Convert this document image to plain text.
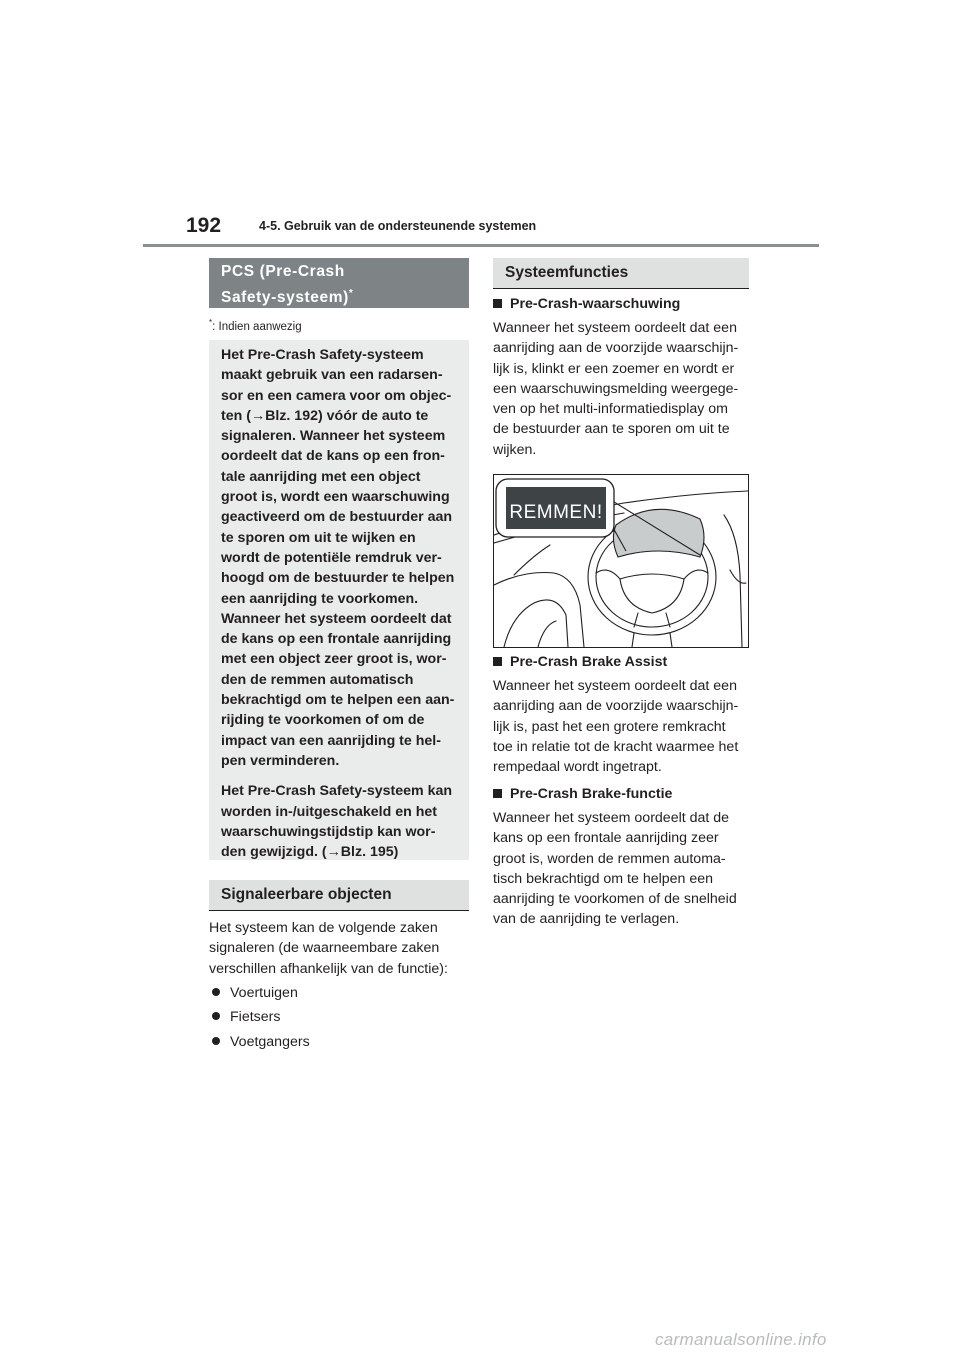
192	4-5. Gebruik van de ondersteunende systemen
PCS (Pre-Crash
Safety-systeem)*
*: Indien aanwezig

Het Pre-Crash Safety-systeem
maakt gebruik van een radarsen-
sor en een camera voor om objec-
ten (→Blz. 192) vóór de auto te
signaleren. Wanneer het systeem
oordeelt dat de kans op een fron-
tale aanrijding met een object
groot is, wordt een waarschuwing
geactiveerd om de bestuurder aan
te sporen om uit te wijken en
wordt de potentiële remdruk ver-
hoogd om de bestuurder te helpen
een aanrijding te voorkomen.
Wanneer het systeem oordeelt dat
de kans op een frontale aanrijding
met een object zeer groot is, wor-
den de remmen automatisch
bekrachtigd om te helpen een aan-
rijding te voorkomen of om de
impact van een aanrijding te hel-
pen verminderen.

Het Pre-Crash Safety-systeem kan
worden in-/uitgeschakeld en het
waarschuwingstijdstip kan wor-
den gewijzigd. (→Blz. 195)

Signaleerbare objecten
Het systeem kan de volgende zaken
signaleren (de waarneembare zaken
verschillen afhankelijk van de functie):
Voertuigen
Fietsers
Voetgangers
Systeemfuncties
Pre-Crash-waarschuwing
Wanneer het systeem oordeelt dat een
aanrijding aan de voorzijde waarschijn-
lijk is, klinkt er een zoemer en wordt er
een waarschuwingsmelding weergege-
ven op het multi-informatiedisplay om
de bestuurder aan te sporen om uit te
wijken.
REMMEN!
Pre-Crash Brake Assist
Wanneer het systeem oordeelt dat een
aanrijding aan de voorzijde waarschijn-
lijk is, past het een grotere remkracht
toe in relatie tot de kracht waarmee het
rempedaal wordt ingetrapt.
Pre-Crash Brake-functie
Wanneer het systeem oordeelt dat de
kans op een frontale aanrijding zeer
groot is, worden de remmen automa-
tisch bekrachtigd om te helpen een
aanrijding te voorkomen of de snelheid
van de aanrijding te verlagen.
carmanualsonline.info
